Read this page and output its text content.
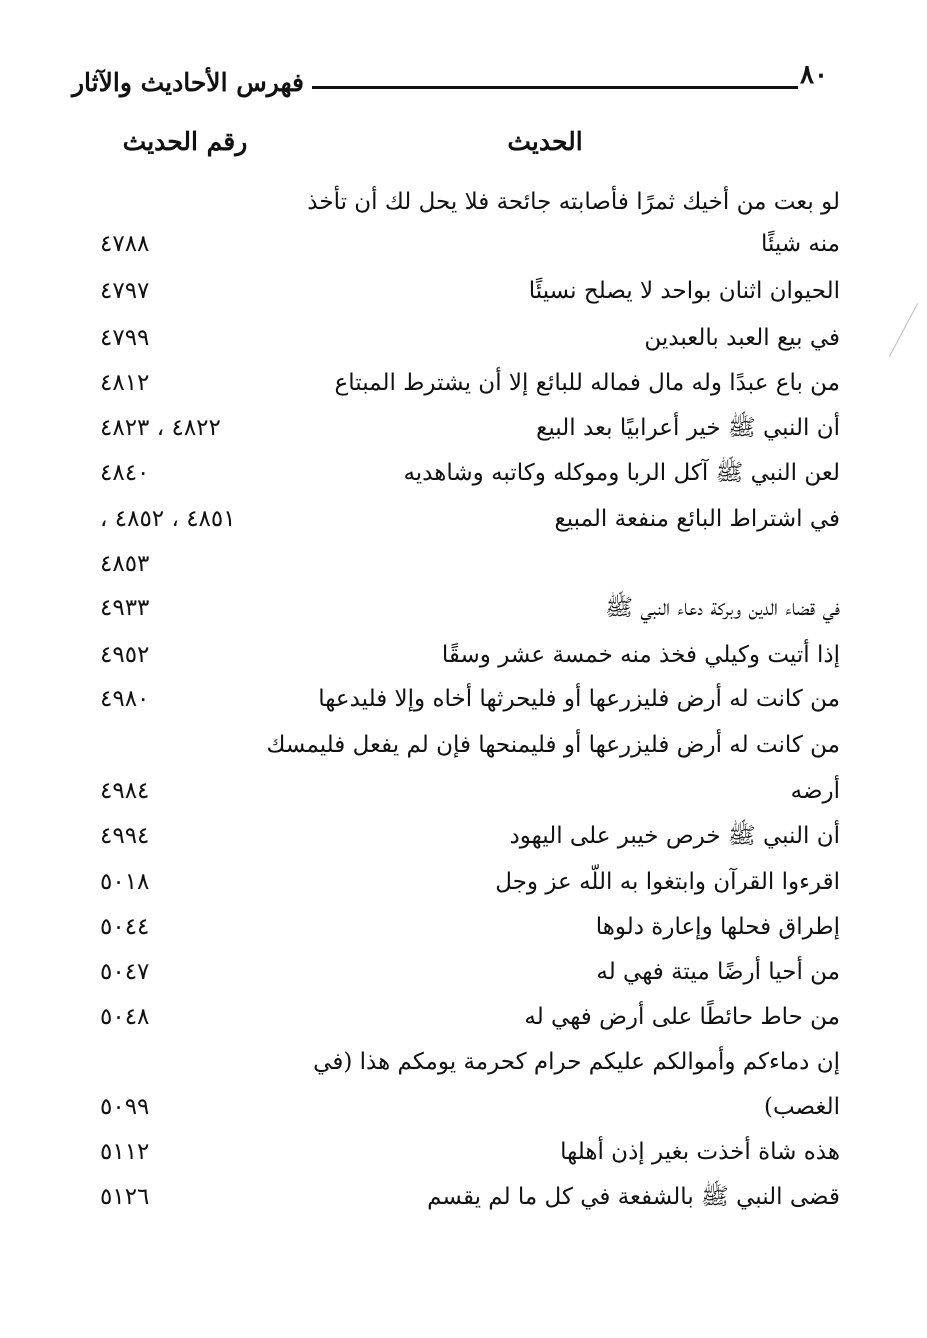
٨٠
فهرس الأحاديث والآثار
الحديث
رقم الحديث
لو بعت من أخيك ثمرًا فأصابته جائحة فلا يحل لك أن تأخذ
منه شيئًا
٤٧٨٨
الحيوان اثنان بواحد لا يصلح نسيئًا
٤٧٩٧
في بيع العبد بالعبدين
٤٧٩٩
من باع عبدًا وله مال فماله للبائع إلا أن يشترط المبتاع
٤٨١٢
أن النبي ﷺ خير أعرابيًا بعد البيع
٤٨٢٢ ، ٤٨٢٣
لعن النبي ﷺ آكل الربا وموكله وكاتبه وشاهديه
٤٨٤٠
في اشتراط البائع منفعة المبيع
٤٨٥١ ، ٤٨٥٢ ،
٤٨٥٣
في قضاء الدين وبركة دعاء النبي ﷺ
٤٩٣٣
إذا أتيت وكيلي فخذ منه خمسة عشر وسقًا
٤٩٥٢
من كانت له أرض فليزرعها أو فليحرثها أخاه وإلا فليدعها
٤٩٨٠
من كانت له أرض فليزرعها أو فليمنحها فإن لم يفعل فليمسك
أرضه
٤٩٨٤
أن النبي ﷺ خرص خيبر على اليهود
٤٩٩٤
اقرءوا القرآن وابتغوا به اللّه عز وجل
٥٠١٨
إطراق فحلها وإعارة دلوها
٥٠٤٤
من أحيا أرضًا ميتة فهي له
٥٠٤٧
من حاط حائطًا على أرض فهي له
٥٠٤٨
إن دماءكم وأموالكم عليكم حرام كحرمة يومكم هذا (في
الغصب)
٥٠٩٩
هذه شاة أخذت بغير إذن أهلها
٥١١٢
قضى النبي ﷺ بالشفعة في كل ما لم يقسم
٥١٢٦
